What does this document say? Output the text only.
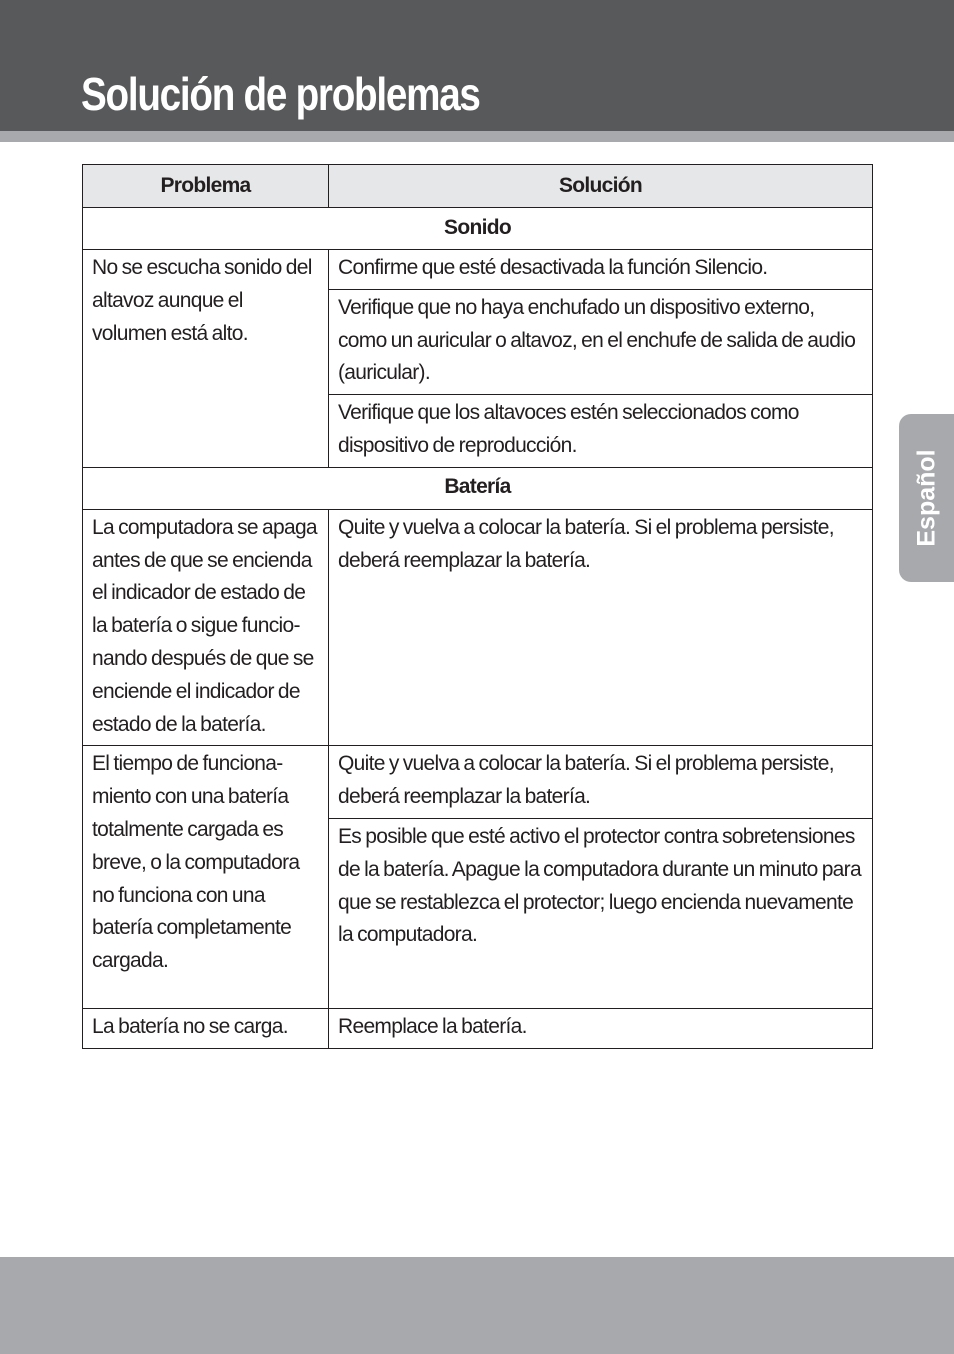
Solución de problemas
Español
Problema	Solución
Sonido	
No se escucha sonido del altavoz aunque el volumen está alto.	Confirme que esté desactivada la función Silencio.
	Verifique que no haya enchufado un dispositivo externo, como un auricular o altavoz, en el enchufe de salida de audio (auricular).
	Verifique que los altavoces estén seleccionados como dispositivo de reproducción.
Batería	
La computadora se apaga antes de que se encienda el indicador de estado de la batería o sigue funcionando después de que se enciende el indicador de estado de la batería.	Quite y vuelva a colocar la batería. Si el problema persiste, deberá reemplazar la batería.
El tiempo de funcionamiento con una batería totalmente cargada es breve, o la computadora no funciona con una batería completamente cargada.	Quite y vuelva a colocar la batería. Si el problema persiste, deberá reemplazar la batería.
	Es posible que esté activo el protector contra sobretensiones de la batería. Apague la computadora durante un minuto para que se restablezca el protector; luego encienda nuevamente la computadora.
La batería no se carga.	Reemplace la batería.
